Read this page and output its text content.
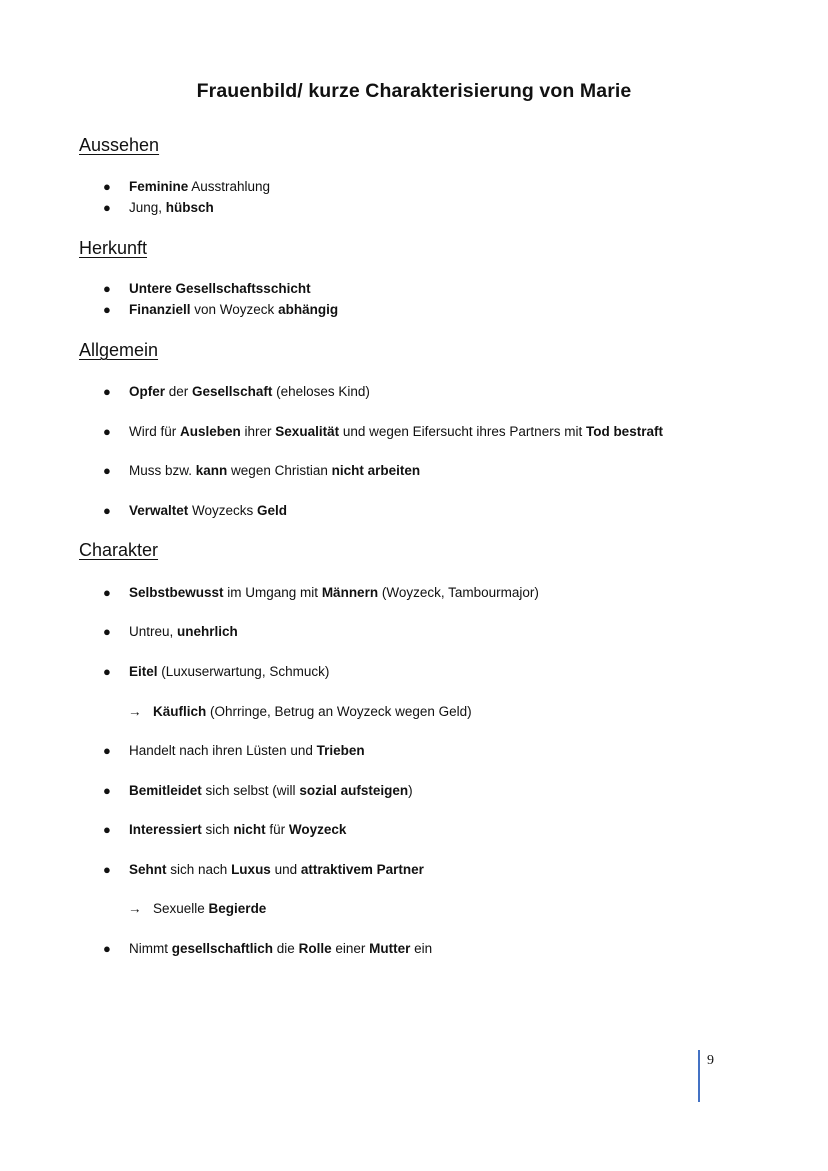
Frauenbild/ kurze Charakterisierung von Marie
Aussehen
● Feminine Ausstrahlung
● Jung, hübsch
Herkunft
● Untere Gesellschaftsschicht
● Finanziell von Woyzeck abhängig
Allgemein
● Opfer der Gesellschaft (eheloses Kind)
● Wird für Ausleben ihrer Sexualität und wegen Eifersucht ihres Partners mit Tod bestraft
● Muss bzw. kann wegen Christian nicht arbeiten
● Verwaltet Woyzecks Geld
Charakter
● Selbstbewusst im Umgang mit Männern (Woyzeck, Tambourmajor)
● Untreu, unehrlich
● Eitel (Luxuserwartung, Schmuck)
→ Käuflich (Ohrringe, Betrug an Woyzeck wegen Geld)
● Handelt nach ihren Lüsten und Trieben
● Bemitleidet sich selbst (will sozial aufsteigen)
● Interessiert sich nicht für Woyzeck
● Sehnt sich nach Luxus und attraktivem Partner
→ Sexuelle Begierde
● Nimmt gesellschaftlich die Rolle einer Mutter ein
9
